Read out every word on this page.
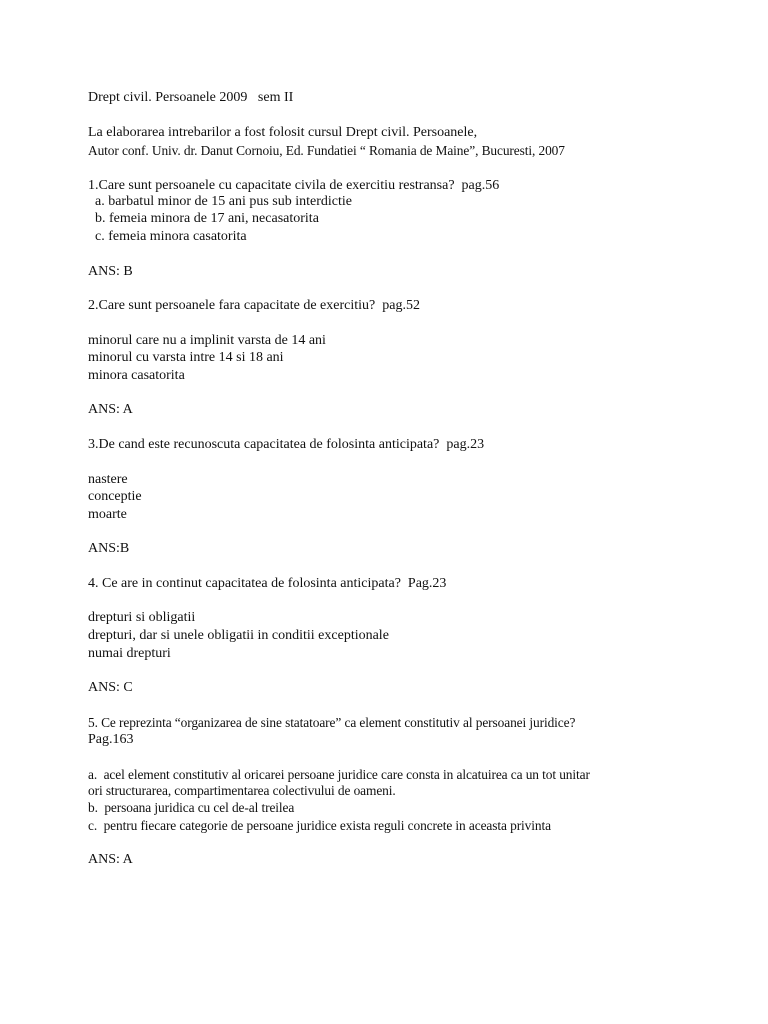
Drept civil. Persoanele 2009   sem II
La elaborarea intrebarilor a fost folosit cursul Drept civil. Persoanele,
Autor conf. Univ. dr. Danut Cornoiu, Ed. Fundatiei “ Romania de Maine”, Bucuresti, 2007
1.Care sunt persoanele cu capacitate civila de exercitiu restransa?  pag.56
a. barbatul minor de 15 ani pus sub interdictie
b. femeia minora de 17 ani, necasatorita
c. femeia minora casatorita
ANS: B
2.Care sunt persoanele fara capacitate de exercitiu?  pag.52
minorul care nu a implinit varsta de 14 ani
minorul cu varsta intre 14 si 18 ani
minora casatorita
ANS: A
3.De cand este recunoscuta capacitatea de folosinta anticipata?  pag.23
nastere
conceptie
moarte
ANS:B
4. Ce are in continut capacitatea de folosinta anticipata?  Pag.23
drepturi si obligatii
drepturi, dar si unele obligatii in conditii exceptionale
numai drepturi
ANS: C
5. Ce reprezinta “organizarea de sine statatoare” ca element constitutiv al persoanei juridice?
Pag.163
a.  acel element constitutiv al oricarei persoane juridice care consta in alcatuirea ca un tot unitar
ori structurarea, compartimentarea colectivului de oameni.
b.  persoana juridica cu cel de-al treilea
c.  pentru fiecare categorie de persoane juridice exista reguli concrete in aceasta privinta
ANS: A
